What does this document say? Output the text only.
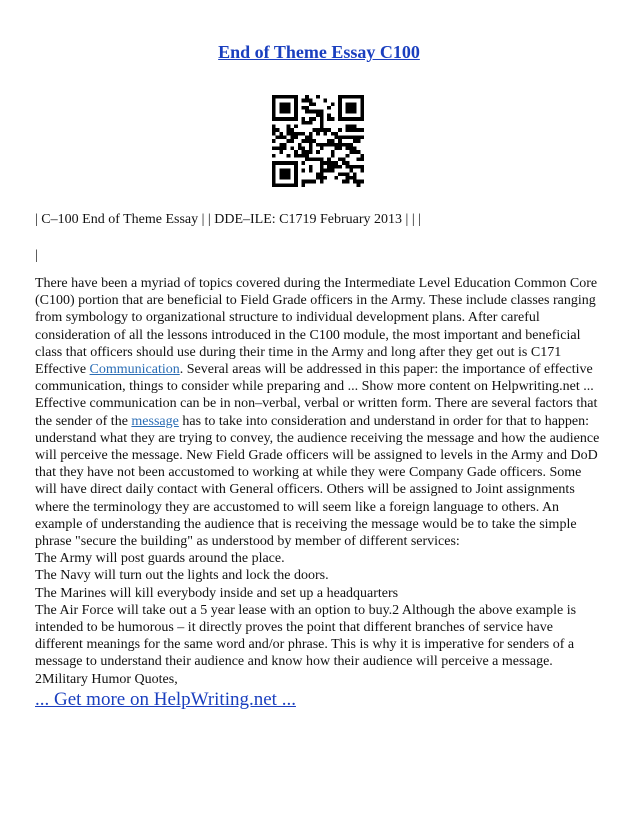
End of Theme Essay C100
| C–100 End of Theme Essay | | DDE–ILE: C1719 February 2013 | | |
|
There have been a myriad of topics covered during the Intermediate Level Education Common Core
(C100) portion that are beneficial to Field Grade officers in the Army. These include classes ranging
from symbology to organizational structure to individual development plans. After careful
consideration of all the lessons introduced in the C100 module, the most important and beneficial
class that officers should use during their time in the Army and long after they get out is C171
Effective Communication. Several areas will be addressed in this paper: the importance of effective
communication, things to consider while preparing and ... Show more content on Helpwriting.net ...
Effective communication can be in non–verbal, verbal or written form. There are several factors that
the sender of the message has to take into consideration and understand in order for that to happen:
understand what they are trying to convey, the audience receiving the message and how the audience
will perceive the message. New Field Grade officers will be assigned to levels in the Army and DoD
that they have not been accustomed to working at while they were Company Gade officers. Some
will have direct daily contact with General officers. Others will be assigned to Joint assignments
where the terminology they are accustomed to will seem like a foreign language to others. An
example of understanding the audience that is receiving the message would be to take the simple
phrase "secure the building" as understood by member of different services:
The Army will post guards around the place.
The Navy will turn out the lights and lock the doors.
The Marines will kill everybody inside and set up a headquarters
The Air Force will take out a 5 year lease with an option to buy.2 Although the above example is
intended to be humorous – it directly proves the point that different branches of service have
different meanings for the same word and/or phrase. This is why it is imperative for senders of a
message to understand their audience and know how their audience will perceive a message.
2Military Humor Quotes,
... Get more on HelpWriting.net ...
